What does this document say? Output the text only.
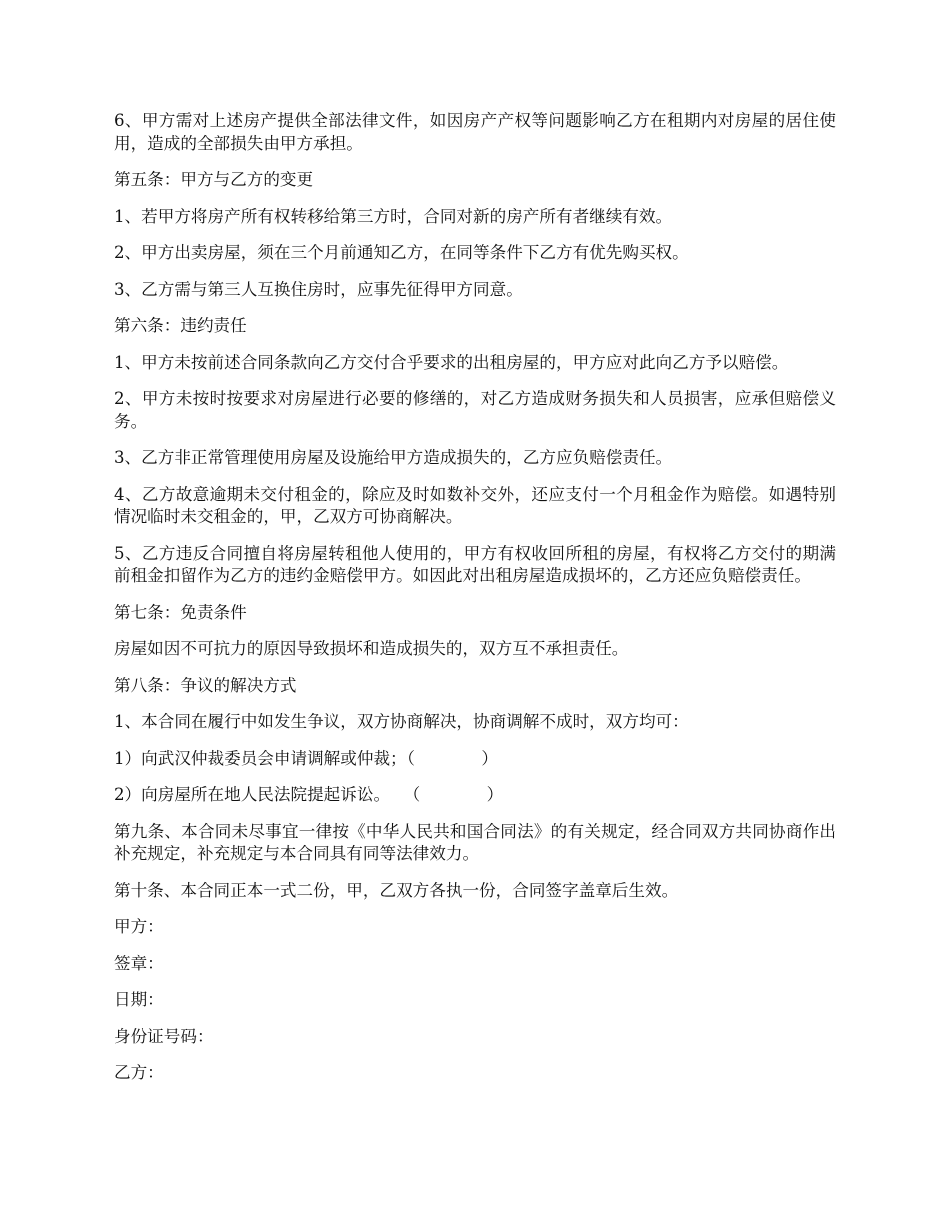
6、甲方需对上述房产提供全部法律文件，如因房产产权等问题影响乙方在租期内对房屋的居住使用，造成的全部损失由甲方承担。

第五条：甲方与乙方的变更

1、若甲方将房产所有权转移给第三方时，合同对新的房产所有者继续有效。

2、甲方出卖房屋，须在三个月前通知乙方，在同等条件下乙方有优先购买权。

3、乙方需与第三人互换住房时，应事先征得甲方同意。

第六条：违约责任

1、甲方未按前述合同条款向乙方交付合乎要求的出租房屋的，甲方应对此向乙方予以赔偿。

2、甲方未按时按要求对房屋进行必要的修缮的，对乙方造成财务损失和人员损害，应承但赔偿义务。

3、乙方非正常管理使用房屋及设施给甲方造成损失的，乙方应负赔偿责任。

4、乙方故意逾期未交付租金的，除应及时如数补交外，还应支付一个月租金作为赔偿。如遇特别情况临时未交租金的，甲，乙双方可协商解决。

5、乙方违反合同擅自将房屋转租他人使用的，甲方有权收回所租的房屋，有权将乙方交付的期满前租金扣留作为乙方的违约金赔偿甲方。如因此对出租房屋造成损坏的，乙方还应负赔偿责任。

第七条：免责条件

房屋如因不可抗力的原因导致损坏和造成损失的，双方互不承担责任。

第八条：争议的解决方式

1、本合同在履行中如发生争议，双方协商解决，协商调解不成时，双方均可：

1）向武汉仲裁委员会申请调解或仲裁；（　　　　）

2）向房屋所在地人民法院提起诉讼。　 （　　　　）

第九条、本合同未尽事宜一律按《中华人民共和国合同法》的有关规定，经合同双方共同协商作出补充规定，补充规定与本合同具有同等法律效力。

第十条、本合同正本一式二份，甲，乙双方各执一份，合同签字盖章后生效。

甲方：

签章：

日期：

身份证号码：

乙方：
